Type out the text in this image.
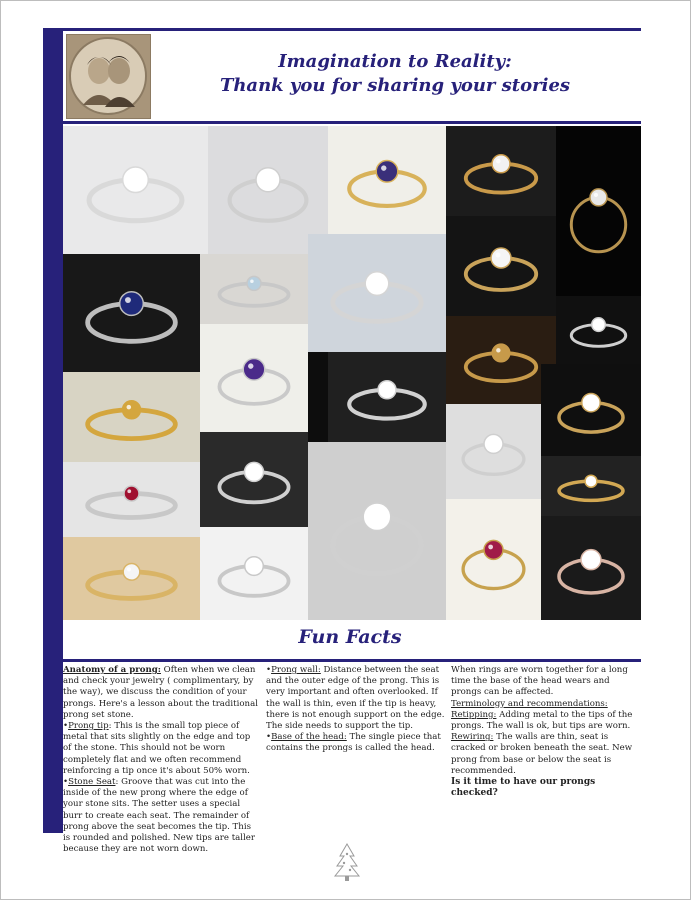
Imagination to Reality:
Thank you for sharing your stories
Fun Facts

Anatomy of a prong: Often when we clean and check your jewelry ( complimentary, by the way), we discuss the condition of your prongs. Here's a lesson about the traditional prong set stone.

•Prong tip: This is the small top piece of metal that sits slightly on the edge and top of the stone. This should not be worn completely flat and we often recommend reinforcing a tip once it's about 50% worn.

•Stone Seat: Groove that was cut into the inside of the new prong where the edge of your stone sits. The setter uses a special burr to create each seat. The remainder of prong above the seat becomes the tip. This is rounded and polished. New tips are taller because they are not worn down.

•Prong wall: Distance between the seat and the outer edge of the prong. This is very important and often overlooked. If the wall is thin, even if the tip is heavy, there is not enough support on the edge. The side needs to support the tip.

•Base of the head: The single piece that contains the prongs is called the head.

When rings are worn together for a long time the base of the head wears and prongs can be affected.

Terminology and recommendations:

Retipping: Adding metal to the tips of the prongs. The wall is ok, but tips are worn.

Rewiring: The walls are thin, seat is cracked or broken beneath the seat. New prong from base or below the seat is recommended.

Is it time to have our prongs checked?
